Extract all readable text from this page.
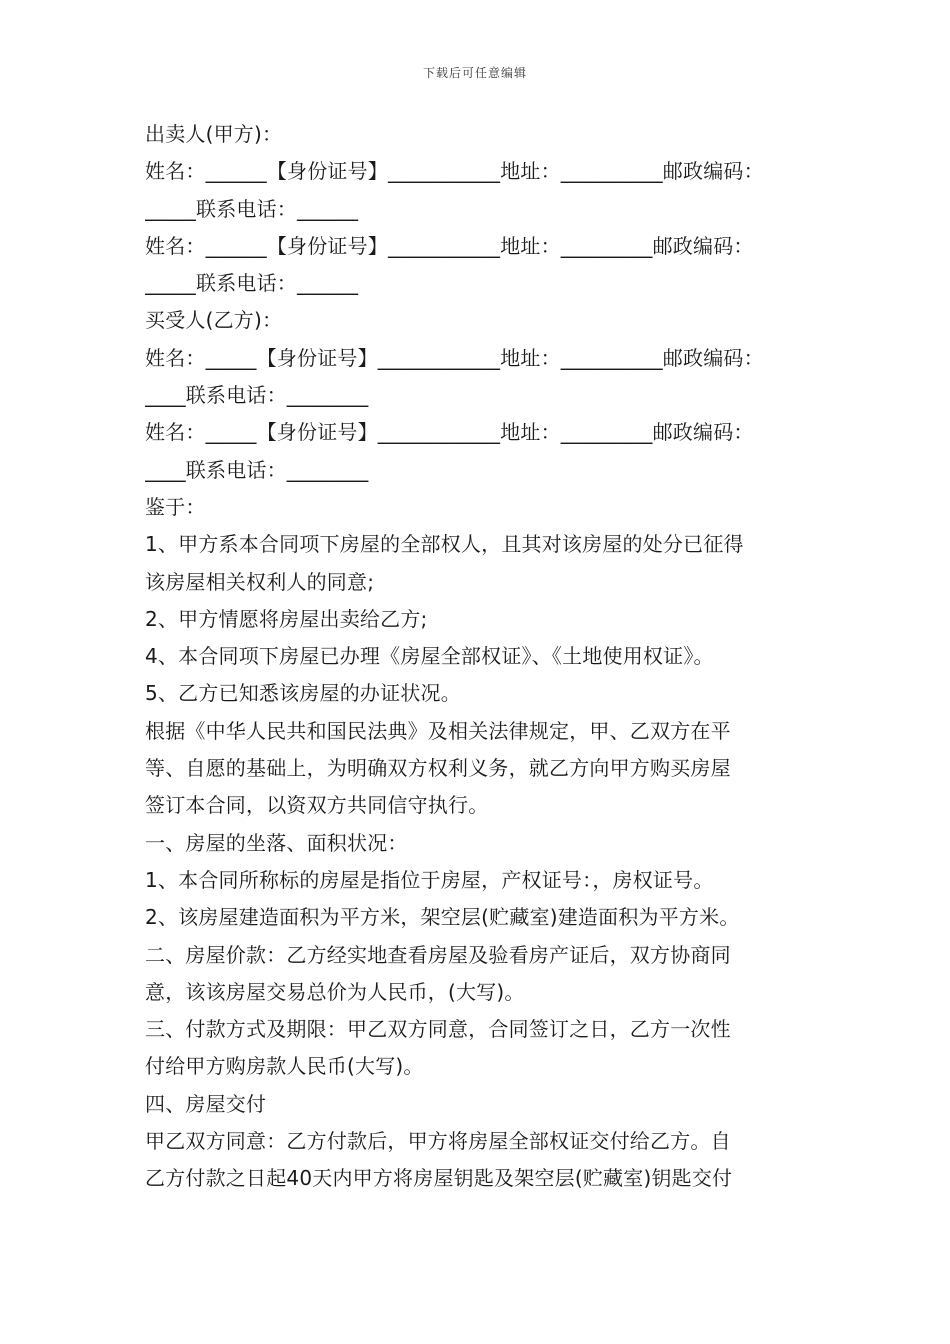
下载后可任意编辑
出卖人(甲方)：
姓名：______【身份证号】___________地址：__________邮政编码：
_____联系电话：______
姓名：______【身份证号】___________地址：_________邮政编码：
_____联系电话：______
买受人(乙方)：
姓名：_____【身份证号】____________地址：__________邮政编码：
____联系电话：________
姓名：_____【身份证号】____________地址：_________邮政编码：
____联系电话：________
鉴于：
1、甲方系本合同项下房屋的全部权人，且其对该房屋的处分已征得
该房屋相关权利人的同意;
2、甲方情愿将房屋出卖给乙方;
4、本合同项下房屋已办理《房屋全部权证》、《土地使用权证》。
5、乙方已知悉该房屋的办证状况。
根据《中华人民共和国民法典》及相关法律规定，甲、乙双方在平
等、自愿的基础上，为明确双方权利义务，就乙方向甲方购买房屋
签订本合同，以资双方共同信守执行。
一、房屋的坐落、面积状况：
1、本合同所称标的房屋是指位于房屋，产权证号：，房权证号。
2、该房屋建造面积为平方米，架空层(贮藏室)建造面积为平方米。
二、房屋价款：乙方经实地查看房屋及验看房产证后，双方协商同
意，该该房屋交易总价为人民币，(大写)。
三、付款方式及期限：甲乙双方同意，合同签订之日，乙方一次性
付给甲方购房款人民币(大写)。
四、房屋交付
甲乙双方同意：乙方付款后，甲方将房屋全部权证交付给乙方。自
乙方付款之日起40天内甲方将房屋钥匙及架空层(贮藏室)钥匙交付
